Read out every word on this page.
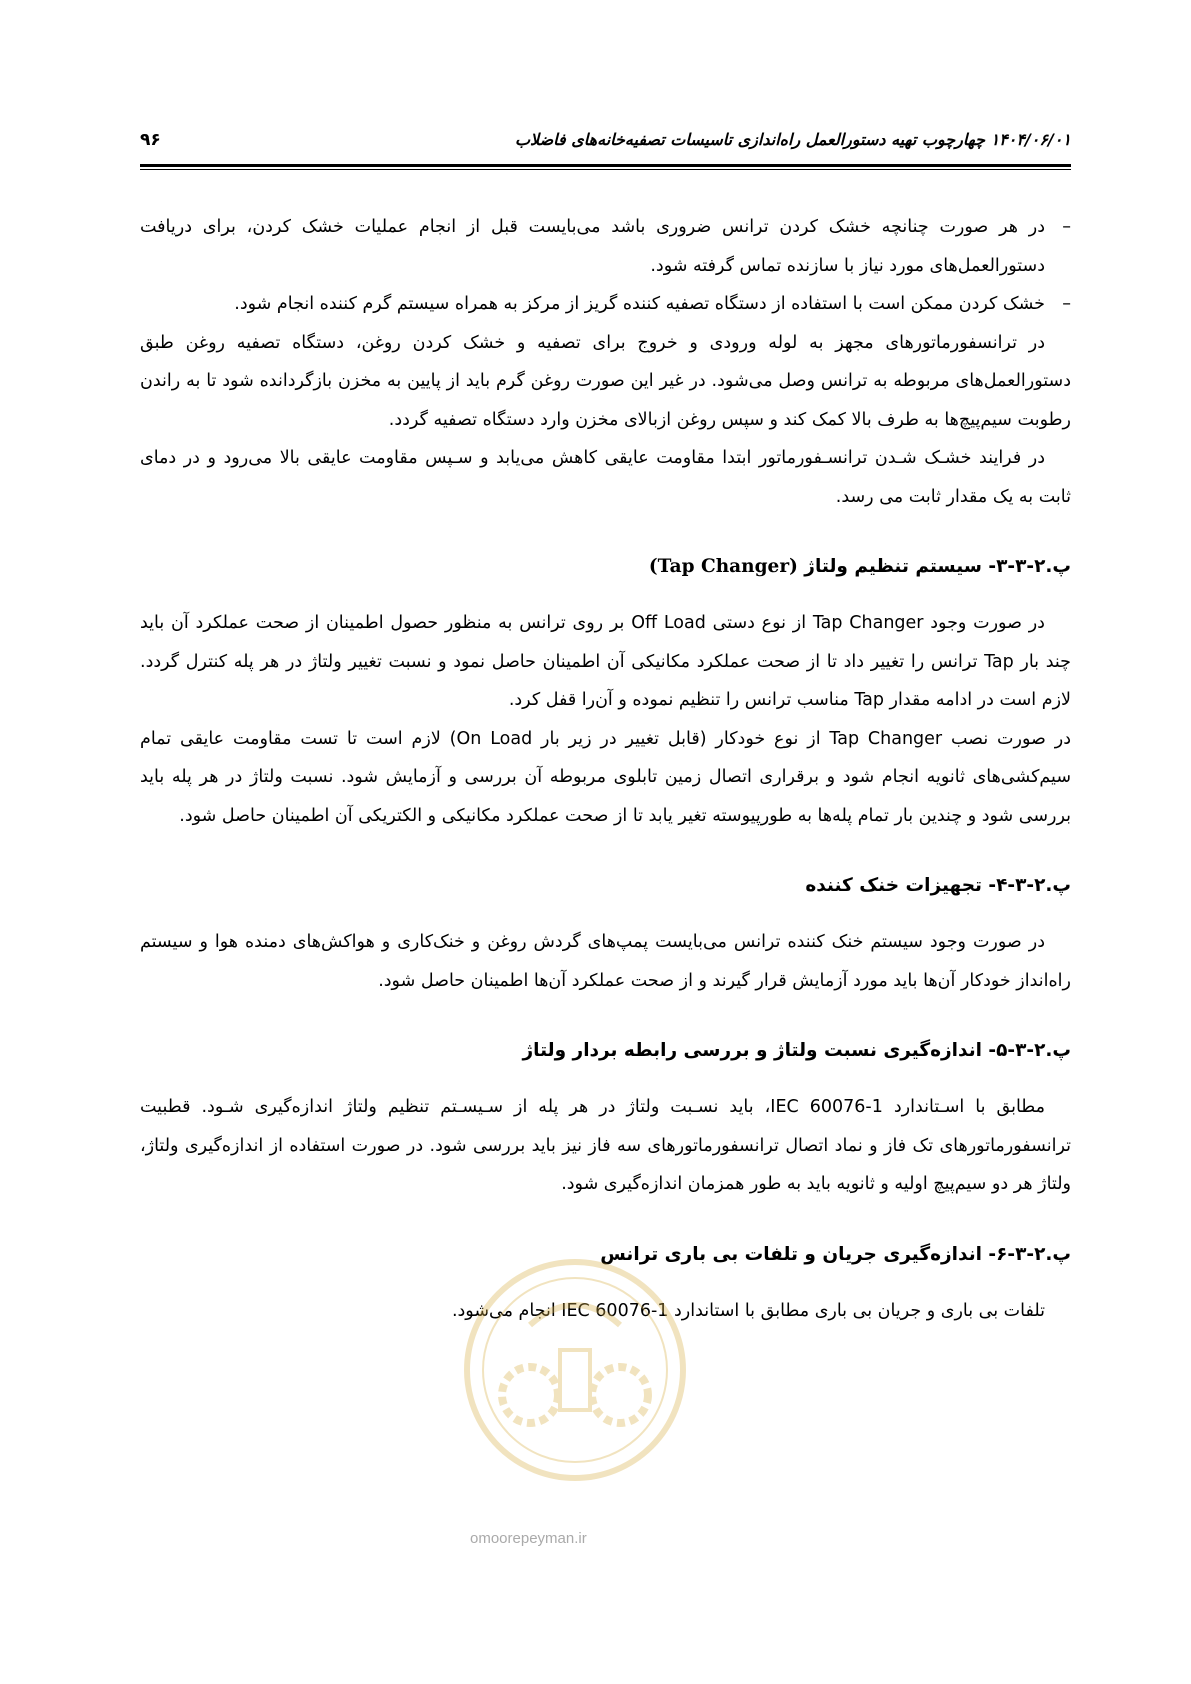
۹۶	۱۴۰۴/۰۶/۰۱ چهارچوب تهیه دستورالعمل راه‌اندازی تاسیسات تصفیه‌خانه‌های فاضلاب

–
در هر صورت چنانچه خشک کردن ترانس ضروری باشد می‌بایست قبل از انجام عملیات خشک کردن، برای دریافت دستورالعمل‌های مورد نیاز با سازنده تماس گرفته شود.

–
خشک کردن ممکن است با استفاده از دستگاه تصفیه کننده گریز از مرکز به همراه سیستم گرم کننده انجام شود.

در ترانسفورماتورهای مجهز به لوله ورودی و خروج برای تصفیه و خشک کردن روغن، دستگاه تصفیه روغن طبق دستورالعمل‌های مربوطه به ترانس وصل می‌شود. در غیر این صورت روغن گرم باید از پایین به مخزن بازگردانده شود تا به راندن رطوبت سیم‌پیچ‌ها به طرف بالا کمک کند و سپس روغن ازبالای مخزن وارد دستگاه تصفیه گردد.

در فرایند خشـک شـدن ترانسـفورماتور ابتدا مقاومت عایقی کاهش می‌یابد و سـپس مقاومت عایقی بالا می‌رود و در دمای ثابت به یک مقدار ثابت می رسد.

پ.۲-۳-۳- سیستم تنظیم ولتاژ (Tap Changer)

در صورت وجود Tap Changer از نوع دستی Off Load بر روی ترانس به منظور حصول اطمینان از صحت عملکرد آن باید چند بار Tap ترانس را تغییر داد تا از صحت عملکرد مکانیکی آن اطمینان حاصل نمود و نسبت تغییر ولتاژ در هر پله کنترل گردد. لازم است در ادامه مقدار Tap مناسب ترانس را تنظیم نموده و آن‌را قفل کرد.

در صورت نصب Tap Changer از نوع خودکار (قابل تغییر در زیر بار On Load) لازم است تا تست مقاومت عایقی تمام سیم‌کشی‌های ثانویه انجام شود و برقراری اتصال زمین تابلوی مربوطه آن بررسی و آزمایش شود. نسبت ولتاژ در هر پله باید بررسی شود و چندین بار تمام پله‌ها به طورپیوسته تغیر یابد تا از صحت عملکرد مکانیکی و الکتریکی آن اطمینان حاصل شود.

پ.۲-۳-۴- تجهیزات خنک کننده

در صورت وجود سیستم خنک کننده ترانس می‌بایست پمپ‌های گردش روغن و خنک‌کاری و هواکش‌های دمنده هوا و سیستم راه‌انداز خودکار آن‌ها باید مورد آزمایش قرار گیرند و از صحت عملکرد آن‌ها اطمینان حاصل شود.

پ.۲-۳-۵- اندازه‌گیری نسبت ولتاژ و بررسی رابطه بردار ولتاژ

مطابق با اسـتاندارد IEC 60076-1، باید نسـبت ولتاژ در هر پله از سـیسـتم تنظیم ولتاژ اندازه‌گیری شـود. قطبیت ترانسفورماتورهای تک فاز و نماد اتصال ترانسفورماتورهای سه فاز نیز باید بررسی شود. در صورت استفاده از اندازه‌گیری ولتاژ، ولتاژ هر دو سیم‌پیچ اولیه و ثانویه باید به طور همزمان اندازه‌گیری شود.

پ.۲-۳-۶- اندازه‌گیری جریان و تلفات بی باری ترانس

تلفات بی باری و جریان بی باری مطابق با استاندارد IEC 60076-1 انجام می‌شود.

omoorepeyman.ir
